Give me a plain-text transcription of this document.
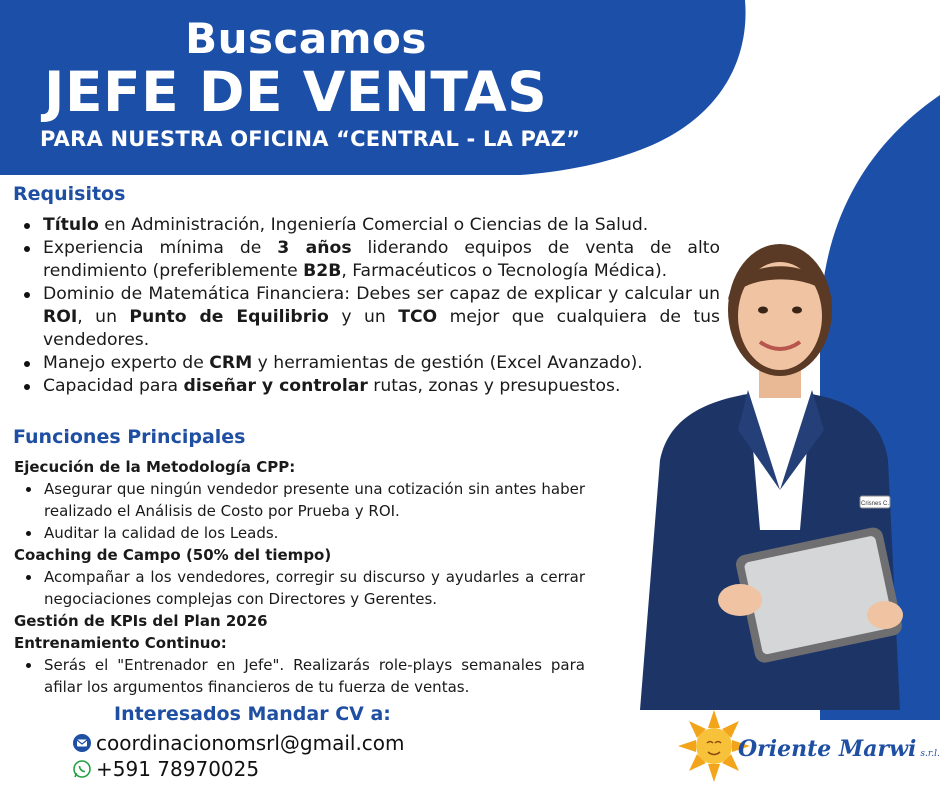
Buscamos
JEFE DE VENTAS
PARA NUESTRA OFICINA “CENTRAL - LA PAZ”
Requisitos
Título en Administración, Ingeniería Comercial o Ciencias de la Salud.
Experiencia mínima de 3 años liderando equipos de venta de alto rendimiento (preferiblemente B2B, Farmacéuticos o Tecnología Médica).
Dominio de Matemática Financiera: Debes ser capaz de explicar y calcular un ROI, un Punto de Equilibrio y un TCO mejor que cualquiera de tus vendedores.
Manejo experto de CRM y herramientas de gestión (Excel Avanzado).
Capacidad para diseñar y controlar rutas, zonas y presupuestos.
Funciones Principales
Ejecución de la Metodología CPP:
Asegurar que ningún vendedor presente una cotización sin antes haber realizado el Análisis de Costo por Prueba y ROI.
Auditar la calidad de los Leads.
Coaching de Campo (50% del tiempo)
Acompañar a los vendedores, corregir su discurso y ayudarles a cerrar negociaciones complejas con Directores y Gerentes.
Gestión de KPIs del Plan 2026
Entrenamiento Continuo:
Serás el "Entrenador en Jefe". Realizarás role-plays semanales para afilar los argumentos financieros de tu fuerza de ventas.
Crisnes C.
Interesados Mandar CV a:
coordinacionomsrl@gmail.com
+591 78970025
Oriente Marwi s.r.l.
